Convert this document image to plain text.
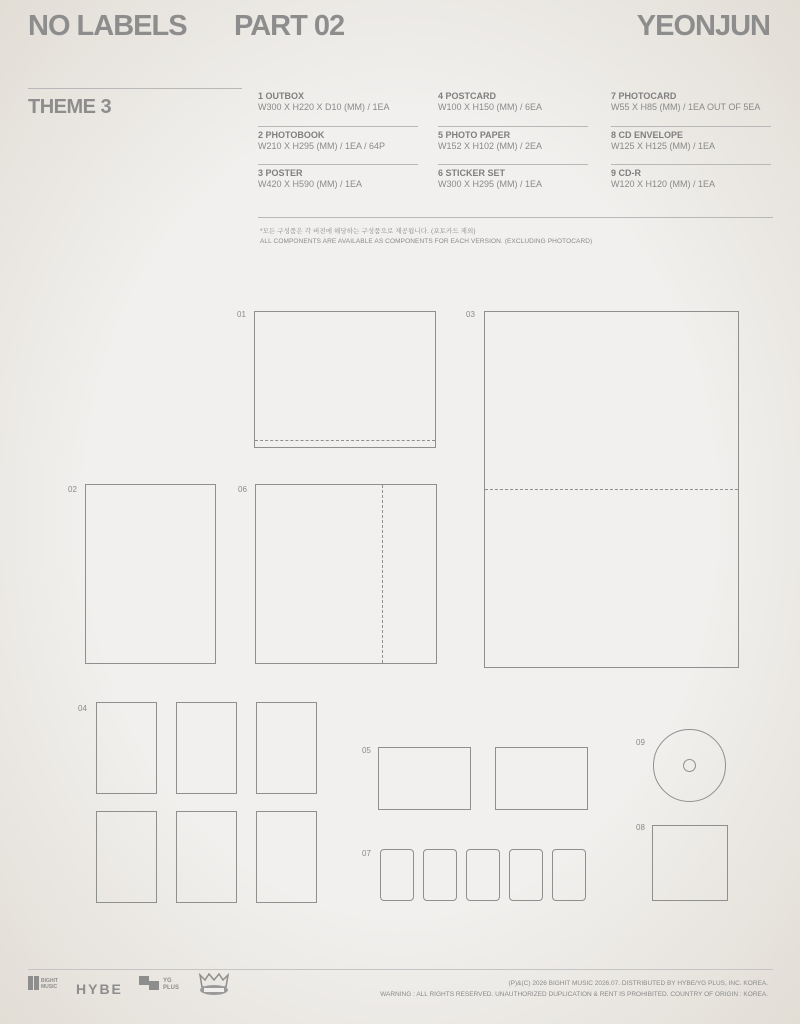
NO LABELS PART 02	YEONJUN
THEME 3	1 OUTBOX
W300 X H220 X D10 (MM) / 1EA
2 PHOTOBOOK
W210 X H295 (MM) / 1EA / 64P
3 POSTER
W420 X H590 (MM) / 1EA
4 POSTCARD
W100 X H150 (MM) / 6EA
5 PHOTO PAPER
W152 X H102 (MM) / 2EA
6 STICKER SET
W300 X H295 (MM) / 1EA
7 PHOTOCARD
W55 X H85 (MM) / 1EA OUT OF 5EA
8 CD ENVELOPE
W125 X H125 (MM) / 1EA
9 CD-R
W120 X H120 (MM) / 1EA
*모든 구성품은 각 버전에 해당하는 구성품으로 제공됩니다. (포토카드 제외)
ALL COMPONENTS ARE AVAILABLE AS COMPONENTS FOR EACH VERSION. (EXCLUDING PHOTOCARD)
01	03
02	06
04
05
07
09
08
BIGHIT
MUSIC HYBE	YG
PLUS
(P)&(C) 2026 BIGHIT MUSIC 2026.07. DISTRIBUTED BY HYBE/YG PLUS, INC. KOREA.
WARNING : ALL RIGHTS RESERVED. UNAUTHORIZED DUPLICATION & RENT IS PROHIBITED. COUNTRY OF ORIGIN : KOREA.
